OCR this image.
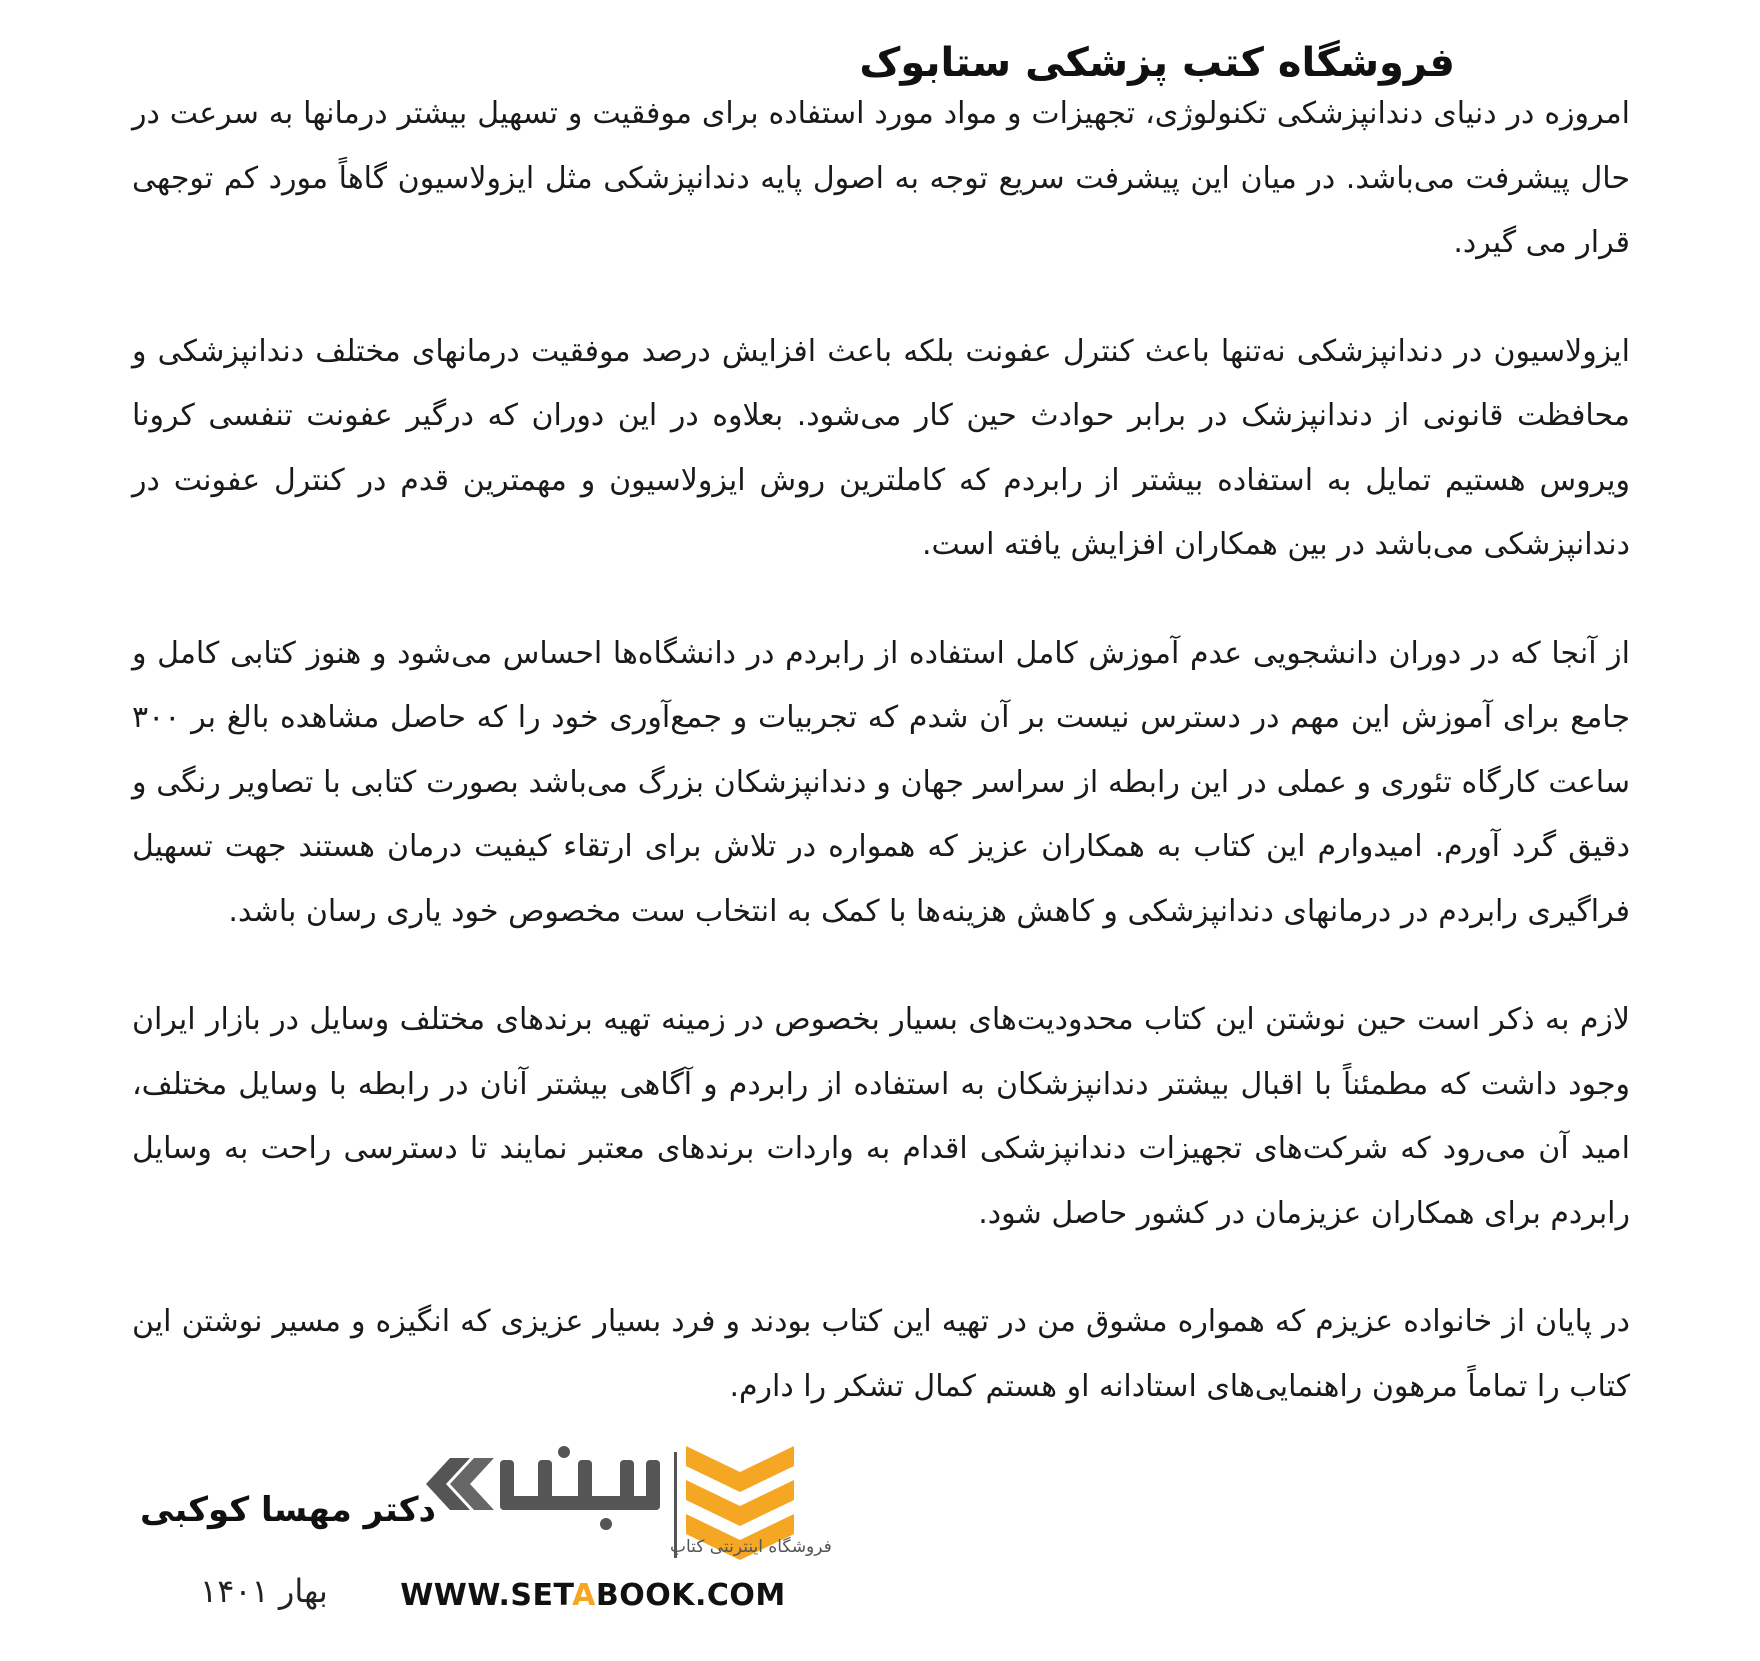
فروشگاه کتب پزشکی ستابوک

امروزه در دنیای دندانپزشکی تکنولوژی، تجهیزات و مواد مورد استفاده برای موفقیت و تسهیل بیشتر درمانها به سرعت در حال پیشرفت می‌باشد. در میان این پیشرفت سریع توجه به اصول پایه دندانپزشکی مثل ایزولاسیون گاهاً مورد کم توجهی قرار می گیرد.

ایزولاسیون در دندانپزشکی نه‌تنها باعث کنترل عفونت بلکه باعث افزایش درصد موفقیت درمانهای مختلف دندانپزشکی و محافظت قانونی از دندانپزشک در برابر حوادث حین کار می‌شود. بعلاوه در این دوران که درگیر عفونت تنفسی کرونا ویروس هستیم تمایل به استفاده بیشتر از رابردم که کاملترین روش ایزولاسیون و مهمترین قدم در کنترل عفونت در دندانپزشکی می‌باشد در بین همکاران افزایش یافته است.

از آنجا که در دوران دانشجویی عدم آموزش کامل استفاده از رابردم در دانشگاه‌ها احساس می‌شود و هنوز کتابی کامل و جامع برای آموزش این مهم در دسترس نیست بر آن شدم که تجربیات و جمع‌آوری خود را که حاصل مشاهده بالغ بر ۳۰۰ ساعت کارگاه تئوری و عملی در این رابطه از سراسر جهان و دندانپزشکان بزرگ می‌باشد بصورت کتابی با تصاویر رنگی و دقیق گرد آورم. امیدوارم این کتاب به همکاران عزیز که همواره در تلاش برای ارتقاء کیفیت درمان هستند جهت تسهیل فراگیری رابردم در درمانهای دندانپزشکی و کاهش هزینه‌ها با کمک به انتخاب ست مخصوص خود یاری رسان باشد.

لازم به ذکر است حین نوشتن این کتاب محدودیت‌های بسیار بخصوص در زمینه تهیه برندهای مختلف وسایل در بازار ایران وجود داشت که مطمئناً با اقبال بیشتر دندانپزشکان به استفاده از رابردم و آگاهی بیشتر آنان در رابطه با وسایل مختلف، امید آن می‌رود که شرکت‌های تجهیزات دندانپزشکی اقدام به واردات برندهای معتبر نمایند تا دسترسی راحت به وسایل رابردم برای همکاران عزیزمان در کشور حاصل شود.

در پایان از خانواده عزیزم که همواره مشوق من در تهیه این کتاب بودند و فرد بسیار عزیزی که انگیزه و مسیر نوشتن این کتاب را تماماً مرهون راهنمایی‌های استادانه او هستم کمال تشکر را دارم.

فروشگاه اینترنتی کتاب
WWW.SETABOOK.COM
دکتر مهسا کوکبی
بهار ۱۴۰۱
